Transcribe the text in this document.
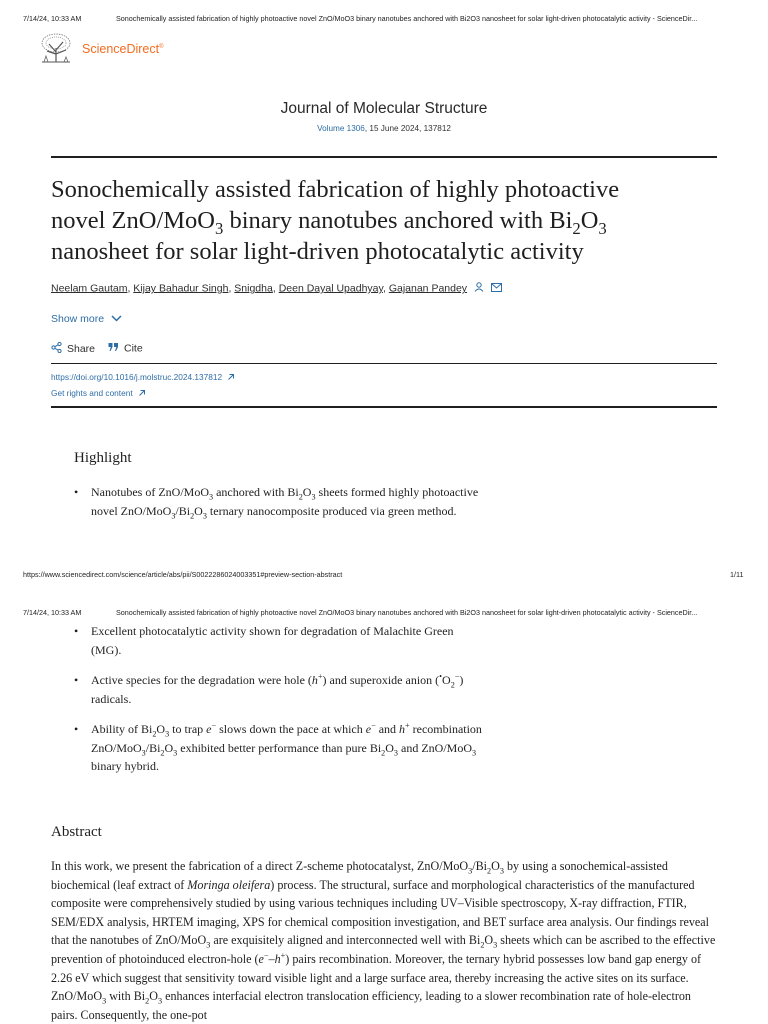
7/14/24, 10:33 AM	Sonochemically assisted fabrication of highly photoactive novel ZnO/MoO3 binary nanotubes anchored with Bi2O3 nanosheet for solar light-driven photocatalytic activity - ScienceDir...
ScienceDirect®
Journal of Molecular Structure
Volume 1306, 15 June 2024, 137812
Sonochemically assisted fabrication of highly photoactive
novel ZnO/MoO$_3$ binary nanotubes anchored with $Bi_2O_3$
nanosheet for solar light-driven photocatalytic activity
Neelam Gautam, Kijay Bahadur Singh, Snigdha, Deen Dayal Upadhyay, Gajanan Pandey
Show more
Share	Cite
https://doi.org/10.1016/j.molstruc.2024.137812
Get rights and content
Highlight
• Nanotubes of ZnO/MoO$_3$ anchored with $Bi_2O_3$ sheets formed highly photoactive
novel ZnO/$MoO_3/Bi_2O_3$ ternary nanocomposite produced via green method.
https://www.sciencedirect.com/science/article/abs/pii/S0022286024003351#preview-section-abstract	1/11
7/14/24, 10:33 AM	Sonochemically assisted fabrication of highly photoactive novel ZnO/MoO3 binary nanotubes anchored with Bi2O3 nanosheet for solar light-driven photocatalytic activity - ScienceDir...
• Excellent photocatalytic activity shown for degradation of Malachite Green
(MG).
• Active species for the degradation were hole (h+) and superoxide anion $(^•O_2^-)$
radicals.
• Ability of $Bi_2O_3$ to trap e− slows down the pace at which e− and h+ recombination
ZnO/$MoO_3/Bi_2O_3$ exhibited better performance than pure $Bi_2O_3$ and ZnO/MoO$_3$
binary hybrid.
Abstract
In this work, we present the fabrication of a direct Z-scheme photocatalyst, ZnO/$MoO_3/Bi_2O_3$ by using a sonochemical-assisted biochemical (leaf extract of Moringa oleifera) process. The structural, surface and morphological characteristics of the manufactured composite were comprehensively studied by using various techniques including UV–Visible spectroscopy, X-ray diffraction, FTIR, SEM/EDX analysis, HRTEM imaging, XPS for chemical composition investigation, and BET surface area analysis. Our findings reveal that the nanotubes of ZnO/MoO$_3$ are exquisitely aligned and interconnected well with $Bi_2O_3$ sheets which can be ascribed to the effective prevention of photoinduced electron-hole (e−–h+) pairs recombination. Moreover, the ternary hybrid possesses low band gap energy of 2.26 eV which suggest that sensitivity toward visible light and a large surface area, thereby increasing the active sites on its surface. ZnO/MoO$_3$ with $Bi_2O_3$ enhances interfacial electron translocation efficiency, leading to a slower recombination rate of hole-electron pairs. Consequently, the one-pot
